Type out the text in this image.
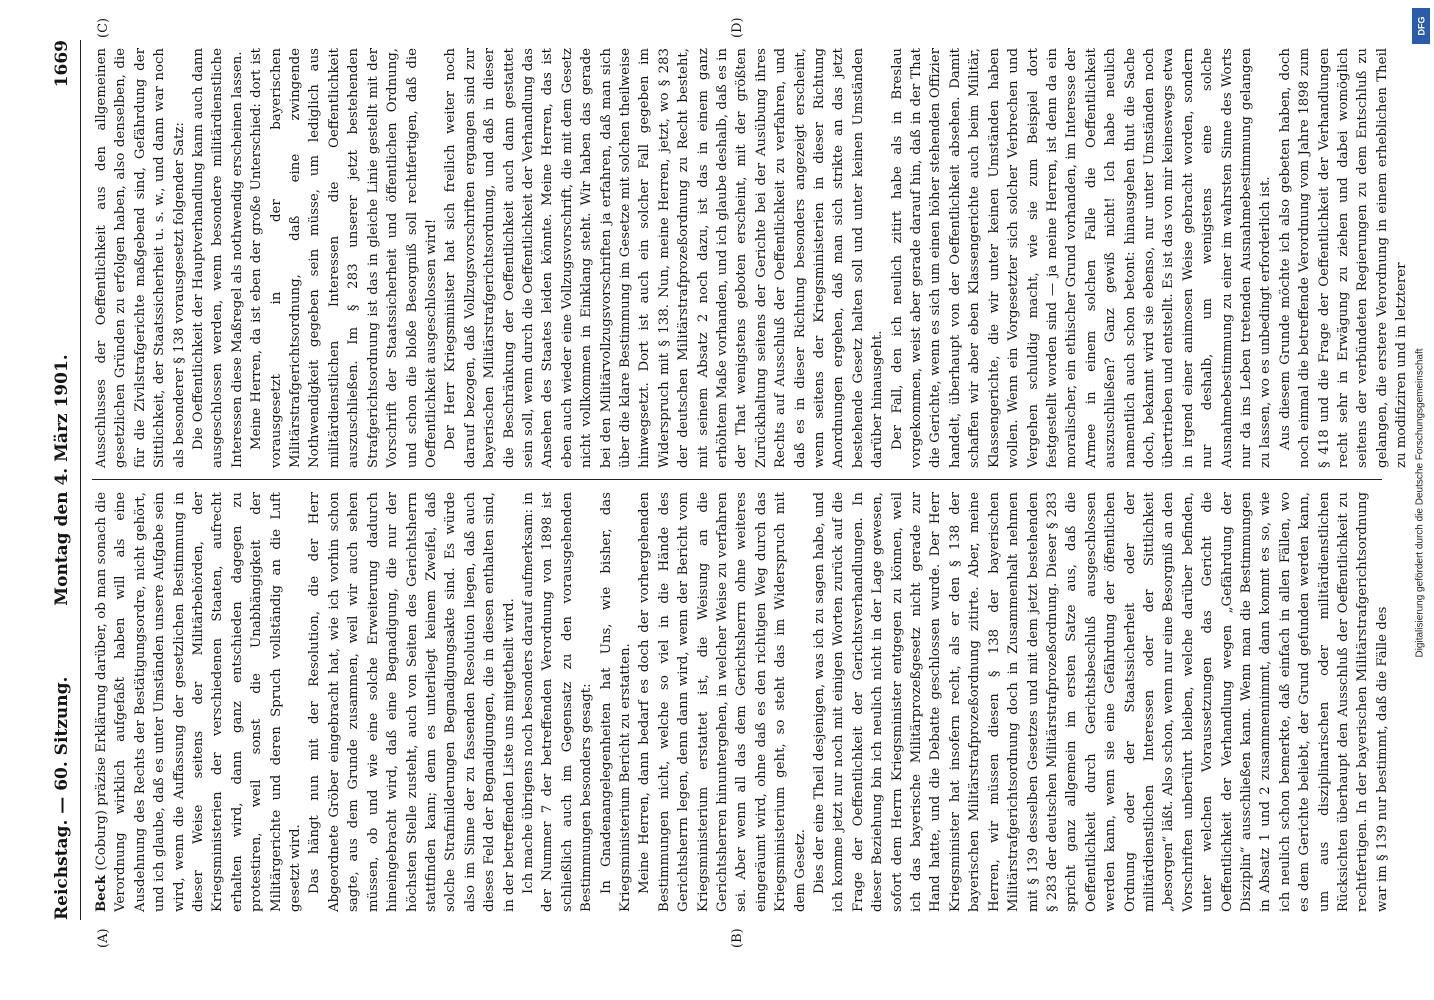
Reichstag. — 60. Sitzung.
Montag den 4. März 1901.
1669
(A)	(B)
(C)	(D)

Beck (Coburg) präzise Erklärung darüber, ob man sonach die Verordnung wirklich aufgefaßt haben will als eine Ausdehnung des Rechts der Bestätigungsordre, nicht gehört, und ich glaube, daß es unter Umständen unsere Aufgabe sein wird, wenn die Auffassung der gesetzlichen Bestimmung in dieser Weise seitens der Militärbehörden, der Kriegsministerien der verschiedenen Staaten, aufrecht erhalten wird, dann ganz entschieden dagegen zu protestiren, weil sonst die Unabhängigkeit der Militärgerichte und deren Spruch vollständig an die Luft gesetzt wird. Das hängt nun mit der Resolution, die der Herr Abgeordnete Gröber eingebracht hat, wie ich vorhin schon sagte, aus dem Grunde zusammen, weil wir auch sehen müssen, ob und wie eine solche Erweiterung dadurch hineingebracht wird, daß eine Begnadigung, die nur der höchsten Stelle zusteht, auch von Seiten des Gerichtsherrn stattfinden kann; denn es unterliegt keinem Zweifel, daß solche Strafmilderungen Begnadigungsakte sind. Es würde also im Sinne der zu fassenden Resolution liegen, daß auch dieses Feld der Begnadigungen, die in diesen enthalten sind, in der betreffenden Liste uns mitgetheilt wird. Ich mache übrigens noch besonders darauf aufmerksam: in der Nummer 7 der betreffenden Verordnung von 1898 ist schließlich auch im Gegensatz zu den vorausgehenden Bestimmungen besonders gesagt: In Gnadenangelegenheiten hat Uns, wie bisher, das Kriegsministerium Bericht zu erstatten. Meine Herren, dann bedarf es doch der vorhergehenden Bestimmungen nicht, welche so viel in die Hände des Gerichtsherrn legen, denn dann wird, wenn der Bericht vom Kriegsministerium erstattet ist, die Weisung an die Gerichtsherren hinuntergehen, in welcher Weise zu verfahren sei. Aber wenn all das dem Gerichtsherrn ohne weiteres eingeräumt wird, ohne daß es den richtigen Weg durch das Kriegsministerium geht, so steht das im Widerspruch mit dem Gesetz. Dies der eine Theil desjenigen, was ich zu sagen habe, und ich komme jetzt nur noch mit einigen Worten zurück auf die Frage der Oeffentlichkeit der Gerichtsverhandlungen. In dieser Beziehung bin ich neulich nicht in der Lage gewesen, sofort dem Herrn Kriegsminister entgegen zu können, weil ich das bayerische Militärprozeßgesetz nicht gerade zur Hand hatte, und die Debatte geschlossen wurde. Der Herr Kriegsminister hat insofern recht, als er den § 138 der bayerischen Militärstrafprozeßordnung zitirte. Aber, meine Herren, wir müssen diesen § 138 der bayerischen Militärstrafgerichtsordnung doch in Zusammenhalt nehmen mit § 139 desselben Gesetzes und mit dem jetzt bestehenden § 283 der deutschen Militärstrafprozeßordnung. Dieser § 283 spricht ganz allgemein im ersten Satze aus, daß die Oeffentlichkeit durch Gerichtsbeschluß ausgeschlossen werden kann, wenn sie eine Gefährdung der öffentlichen Ordnung oder der Staatssicherheit oder der militärdienstlichen Interessen oder der Sittlichkeit „besorgen“ läßt. Also schon, wenn nur eine Besorgniß an den Vorschriften unberührt bleiben, welche darüber befinden, unter welchen Voraussetzungen das Gericht die Oeffentlichkeit der Verhandlung wegen „Gefährdung der Disziplin“ ausschließen kann. Wenn man die Bestimmungen in Absatz 1 und 2 zusammennimmt, dann kommt es so, wie ich neulich schon bemerkte, daß einfach in allen Fällen, wo es dem Gerichte beliebt, der Grund gefunden werden kann, um aus disziplinarischen oder militärdienstlichen Rücksichten überhaupt den Ausschluß der Oeffentlichkeit zu rechtfertigen. In der bayerischen Militärstrafgerichtsordnung war im § 139 nur bestimmt, daß die Fälle des

Ausschlusses der Oeffentlichkeit aus den allgemeinen gesetzlichen Gründen zu erfolgen haben, also denselben, die für die Zivilstrafgerichte maßgebend sind, Gefährdung der Sittlichkeit, der Staatssicherheit u. s. w., und dann war noch als besonderer § 138 vorausgesetzt folgender Satz: Die Oeffentlichkeit der Hauptverhandlung kann auch dann ausgeschlossen werden, wenn besondere militärdienstliche Interessen diese Maßregel als nothwendig erscheinen lassen. Meine Herren, da ist eben der große Unterschied: dort ist vorausgesetzt in der bayerischen Militärstrafgerichtsordnung, daß eine zwingende Nothwendigkeit gegeben sein müsse, um lediglich aus militärdienstlichen Interessen die Oeffentlichkeit auszuschließen. Im § 283 unserer jetzt bestehenden Strafgerichtsordnung ist das in gleiche Linie gestellt mit der Vorschrift der Staatssicherheit und öffentlichen Ordnung, und schon die bloße Besorgniß soll rechtfertigen, daß die Oeffentlichkeit ausgeschlossen wird! Der Herr Kriegsminister hat sich freilich weiter noch darauf bezogen, daß Vollzugsvorschriften ergangen sind zur bayerischen Militärstrafgerichtsordnung, und daß in dieser die Beschränkung der Oeffentlichkeit auch dann gestattet sein soll, wenn durch die Oeffentlichkeit der Verhandlung das Ansehen des Staates leiden könnte. Meine Herren, das ist eben auch wieder eine Vollzugsvorschrift, die mit dem Gesetz nicht vollkommen in Einklang steht. Wir haben das gerade bei den Militärvollzugsvorschriften ja erfahren, daß man sich über die klare Bestimmung im Gesetze mit solchen theilweise hinwegsetzt. Dort ist auch ein solcher Fall gegeben im Widerspruch mit § 138. Nun, meine Herren, jetzt, wo § 283 der deutschen Militärstrafprozeßordnung zu Recht besteht, mit seinem Absatz 2 noch dazu, ist das in einem ganz erhöhtem Maße vorhanden, und ich glaube deshalb, daß es in der That wenigstens geboten erscheint, mit der größten Zurückhaltung seitens der Gerichte bei der Ausübung ihres Rechts auf Ausschluß der Oeffentlichkeit zu verfahren, und daß es in dieser Richtung besonders angezeigt erscheint, wenn seitens der Kriegsministerien in dieser Richtung Anordnungen ergehen, daß man sich strikte an das jetzt bestehende Gesetz halten soll und unter keinen Umständen darüber hinausgeht. Der Fall, den ich neulich zitirt habe als in Breslau vorgekommen, weist aber gerade darauf hin, daß in der That die Gerichte, wenn es sich um einen höher stehenden Offizier handelt, überhaupt von der Oeffentlichkeit absehen. Damit schaffen wir aber eben Klassengerichte auch beim Militär, Klassengerichte, die wir unter keinen Umständen haben wollen. Wenn ein Vorgesetzter sich solcher Verbrechen und Vergehen schuldig macht, wie sie zum Beispiel dort festgestellt worden sind — ja meine Herren, ist denn da ein moralischer, ein ethischer Grund vorhanden, im Interesse der Armee in einem solchen Falle die Oeffentlichkeit auszuschließen? Ganz gewiß nicht! Ich habe neulich namentlich auch schon betont: hinausgehen thut die Sache doch, bekannt wird sie ebenso, nur unter Umständen noch übertrieben und entstellt. Es ist das von mir keineswegs etwa in irgend einer animosen Weise gebracht worden, sondern nur deshalb, um wenigstens eine solche Ausnahmebestimmung zu einer im wahrsten Sinne des Worts nur da ins Leben tretenden Ausnahmebestimmung gelangen zu lassen, wo es unbedingt erforderlich ist. Aus diesem Grunde möchte ich also gebeten haben, doch noch einmal die betreffende Verordnung vom Jahre 1898 zum § 418 und die Frage der Oeffentlichkeit der Verhandlungen recht sehr in Erwägung zu ziehen und dabei womöglich seitens der verbündeten Regierungen zu dem Entschluß zu gelangen, die erstere Verordnung in einem erheblichen Theil zu modifiziren und in letzterer Digitalisierung gefördert durch die Deutsche Forschungsgemeinschaft
DFG
